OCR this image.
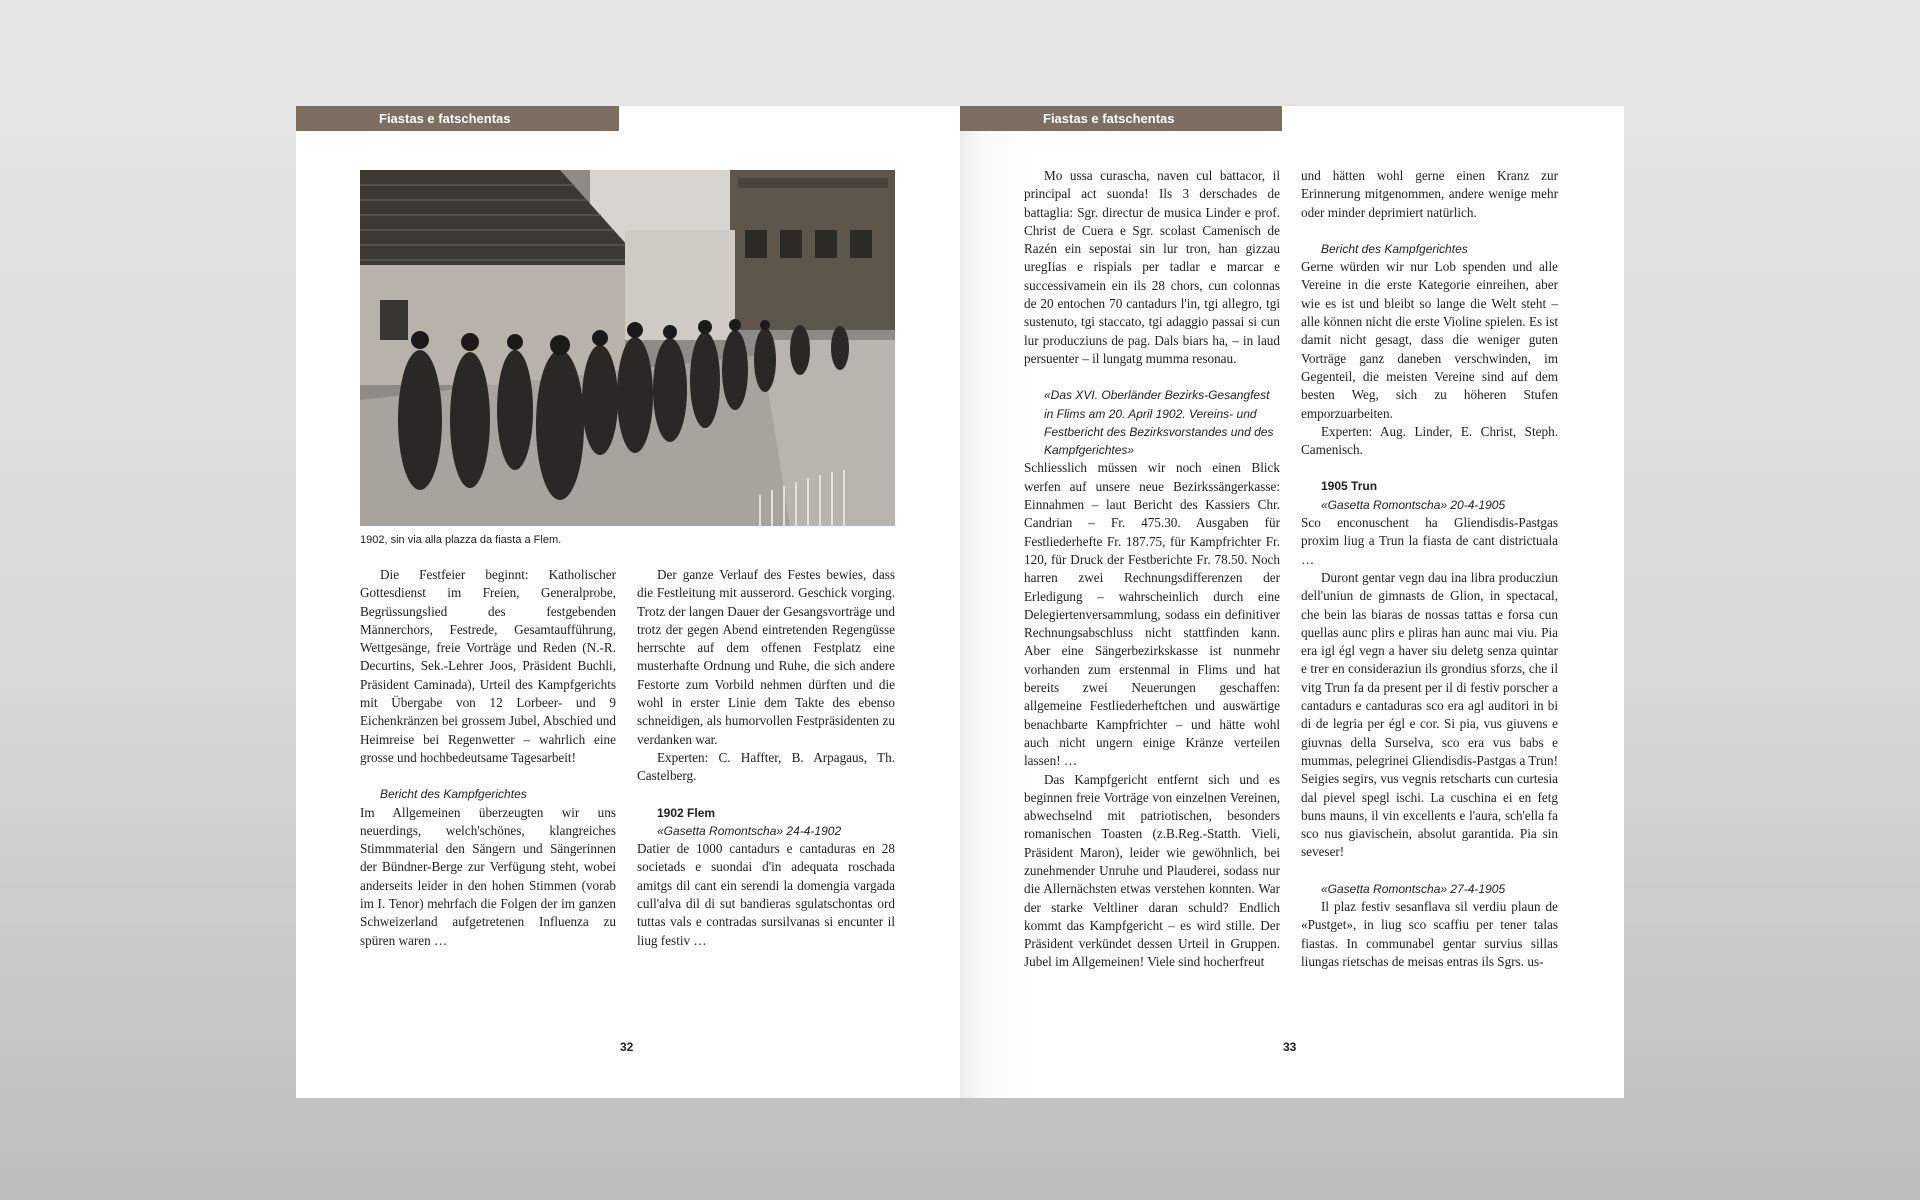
Fiastas e fatschentas
1902, sin via alla plazza da fiasta a Flem.

Die Festfeier beginnt: Katholischer Gottesdienst im Freien, Generalprobe, Begrüssungslied des festgebenden Männerchors, Festrede, Gesamtaufführung, Wettgesänge, freie Vorträge und Reden (N.-R. Decurtins, Sek.-Lehrer Joos, Präsident Buchli, Präsident Caminada), Urteil des Kampfgerichts mit Übergabe von 12 Lorbeer- und 9 Eichenkränzen bei grossem Jubel, Abschied und Heimreise bei Regenwetter – wahrlich eine grosse und hochbedeutsame Tagesarbeit!

Bericht des Kampfgerichtes

Im Allgemeinen überzeugten wir uns neuerdings, welch'schönes, klangreiches Stimmmaterial den Sängern und Sängerinnen der Bündner-Berge zur Verfügung steht, wobei anderseits leider in den hohen Stimmen (vorab im I. Tenor) mehrfach die Folgen der im ganzen Schweizerland aufgetretenen Influenza zu spüren waren …

Der ganze Verlauf des Festes bewies, dass die Festleitung mit ausserord. Geschick vorging. Trotz der langen Dauer der Gesangsvorträge und trotz der gegen Abend eintretenden Regengüsse herrschte auf dem offenen Festplatz eine musterhafte Ordnung und Ruhe, die sich andere Festorte zum Vorbild nehmen dürften und die wohl in erster Linie dem Takte des ebenso schneidigen, als humorvollen Festpräsidenten zu verdanken war.

Experten: C. Haffter, B. Arpagaus, Th. Castelberg.

1902 Flem
«Gasetta Romontscha» 24-4-1902

Datier de 1000 cantadurs e cantaduras en 28 societads e suondai d'in adequata roschada amitgs dil cant ein serendi la domengia vargada cull'alva dil di sut bandieras sgulatschontas ord tuttas vals e contradas sursilvanas si encunter il liug festiv …

32
Fiastas e fatschentas

Mo ussa curascha, naven cul battacor, il principal act suonda! Ils 3 derschades de battaglia: Sgr. directur de musica Linder e prof. Christ de Cuera e Sgr. scolast Camenisch de Razén ein sepostai sin lur tron, han gizzau uregIias e rispials per tadlar e marcar e successivamein ein ils 28 chors, cun colonnas de 20 entochen 70 cantadurs l'in, tgi allegro, tgi sustenuto, tgi staccato, tgi adaggio passai si cun lur producziuns de pag. Dals biars ha, – in laud persuenter – il lungatg mumma resonau.

«Das XVI. Oberländer Bezirks-Gesangfest in Flims am 20. April 1902. Vereins- und Festbericht des Bezirksvorstandes und des Kampfgerichtes»

Schliesslich müssen wir noch einen Blick werfen auf unsere neue Bezirkssängerkasse: Einnahmen – laut Bericht des Kassiers Chr. Candrian – Fr. 475.30. Ausgaben für Festliederhefte Fr. 187.75, für Kampfrichter Fr. 120, für Druck der Festberichte Fr. 78.50. Noch harren zwei Rechnungsdifferenzen der Erledigung – wahrscheinlich durch eine Delegiertenversammlung, sodass ein definitiver Rechnungsabschluss nicht stattfinden kann. Aber eine Sängerbezirkskasse ist nunmehr vorhanden zum erstenmal in Flims und hat bereits zwei Neuerungen geschaffen: allgemeine Festliederheftchen und auswärtige benachbarte Kampfrichter – und hätte wohl auch nicht ungern einige Kränze verteilen lassen! …

Das Kampfgericht entfernt sich und es beginnen freie Vorträge von einzelnen Vereinen, abwechselnd mit patriotischen, besonders romanischen Toasten (z.B.Reg.-Statth. Vieli, Präsident Maron), leider wie gewöhnlich, bei zunehmender Unruhe und Plauderei, sodass nur die Allernächsten etwas verstehen konnten. War der starke Veltliner daran schuld? Endlich kommt das Kampfgericht – es wird stille. Der Präsident verkündet dessen Urteil in Gruppen. Jubel im Allgemeinen! Viele sind hocherfreut

und hätten wohl gerne einen Kranz zur Erinnerung mitgenommen, andere wenige mehr oder minder deprimiert natürlich.

Bericht des Kampfgerichtes

Gerne würden wir nur Lob spenden und alle Vereine in die erste Kategorie einreihen, aber wie es ist und bleibt so lange die Welt steht – alle können nicht die erste Violine spielen. Es ist damit nicht gesagt, dass die weniger guten Vorträge ganz daneben verschwinden, im Gegenteil, die meisten Vereine sind auf dem besten Weg, sich zu höheren Stufen emporzuarbeiten.

Experten: Aug. Linder, E. Christ, Steph. Camenisch.

1905 Trun
«Gasetta Romontscha» 20-4-1905

Sco enconuschent ha Gliendisdis-Pastgas proxim liug a Trun la fiasta de cant districtuala …

Duront gentar vegn dau ina libra producziun dell'uniun de gimnasts de Glion, in spectacal, che bein las biaras de nossas tattas e forsa cun quellas aunc plirs e pliras han aunc mai viu. Pia era igl égl vegn a haver siu deletg senza quintar e trer en consideraziun ils grondius sforzs, che il vitg Trun fa da present per il di festiv porscher a cantadurs e cantaduras sco era agl auditori in bi di de legria per égl e cor. Si pia, vus giuvens e giuvnas della Surselva, sco era vus babs e mummas, pelegrinei Gliendisdis-Pastgas a Trun! Seigies segirs, vus vegnis retscharts cun curtesia dal pievel spegl ischi. La cuschina ei en fetg buns mauns, il vin excellents e l'aura, sch'ella fa sco nus giavischein, absolut garantida. Pia sin seveser!

«Gasetta Romontscha» 27-4-1905

Il plaz festiv sesanflava sil verdiu plaun de «Pustget», in liug sco scaffiu per tener talas fiastas. In communabel gentar survius sillas liungas rietschas de meisas entras ils Sgrs. us-

33
